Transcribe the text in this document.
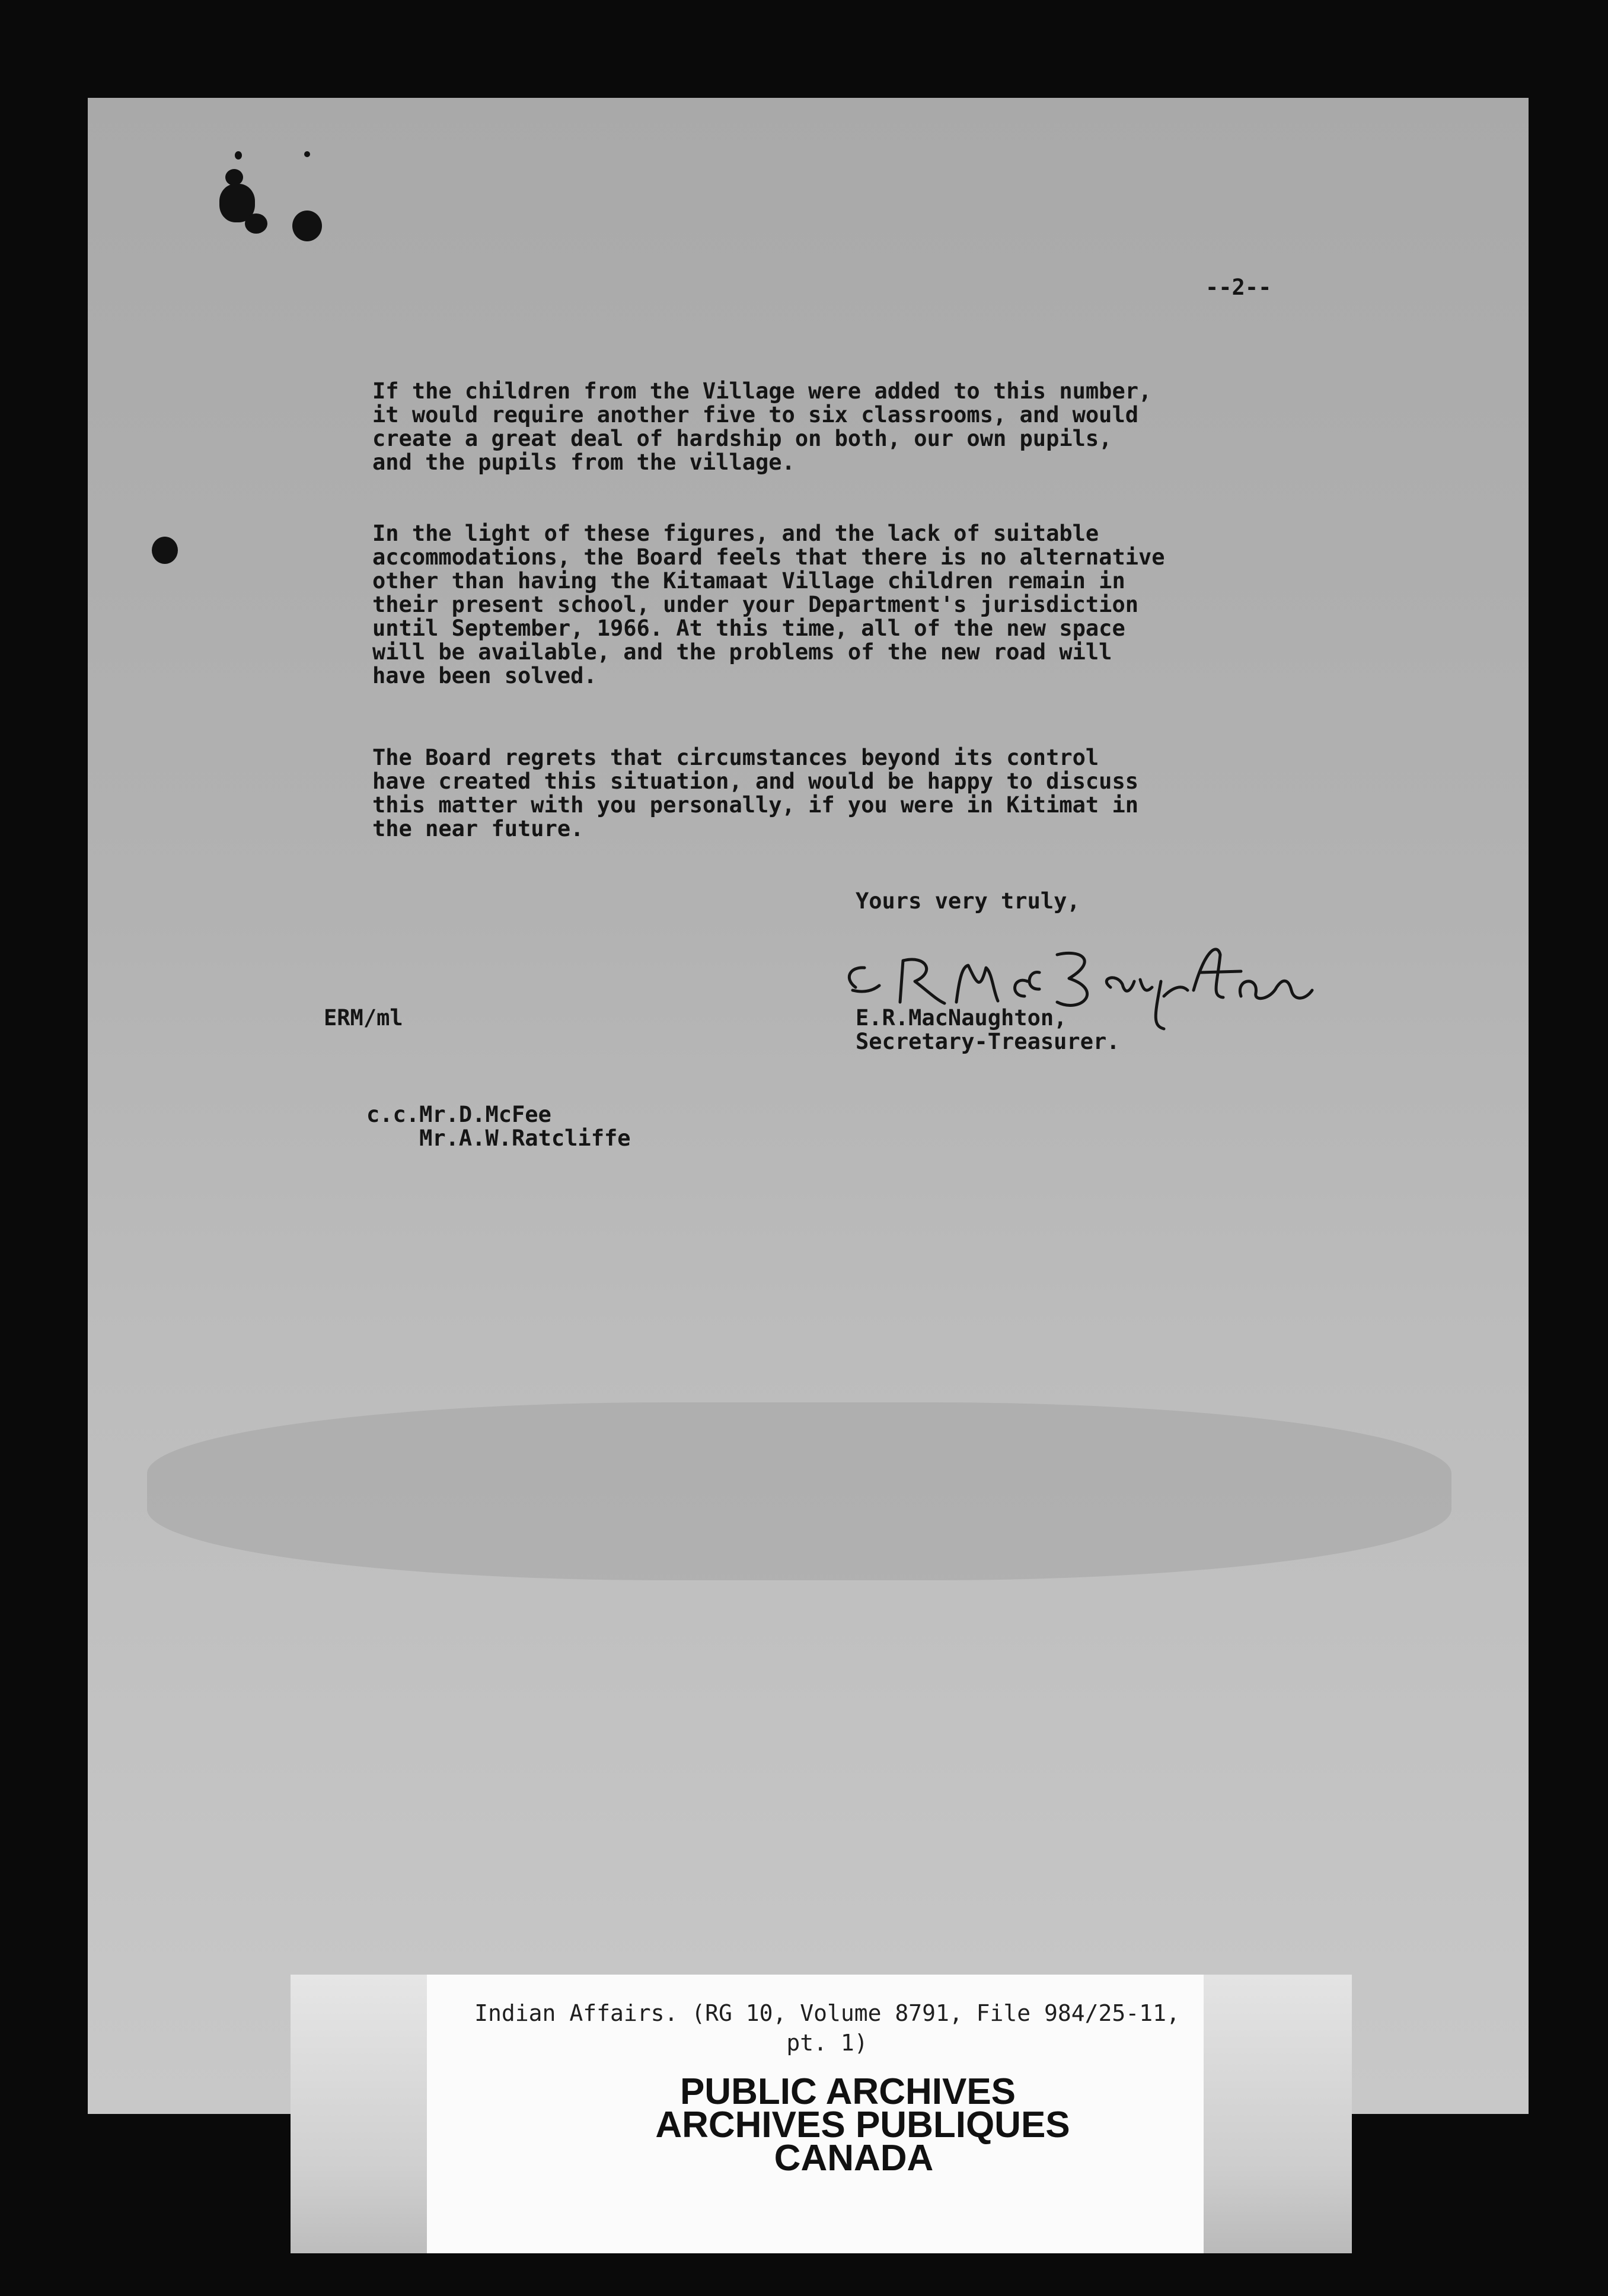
--2--
If the children from the Village were added to this number,
it would require another five to six classrooms, and would
create a great deal of hardship on both, our own pupils,
and the pupils from the village.
In the light of these figures, and the lack of suitable
accommodations, the Board feels that there is no alternative
other than having the Kitamaat Village children remain in
their present school, under your Department's jurisdiction
until September, 1966. At this time, all of the new space
will be available, and the problems of the new road will
have been solved.
The Board regrets that circumstances beyond its control
have created this situation, and would be happy to discuss
this matter with you personally, if you were in Kitimat in
the near future.
Yours very truly,
ERM/ml	E.R.MacNaughton,
Secretary-Treasurer.
c.c.Mr.D.McFee
Mr.A.W.Ratcliffe
Indian Affairs. (RG 10, Volume 8791, File 984/25-11,
pt. 1)
PUBLIC ARCHIVES
ARCHIVES PUBLIQUES
CANADA
